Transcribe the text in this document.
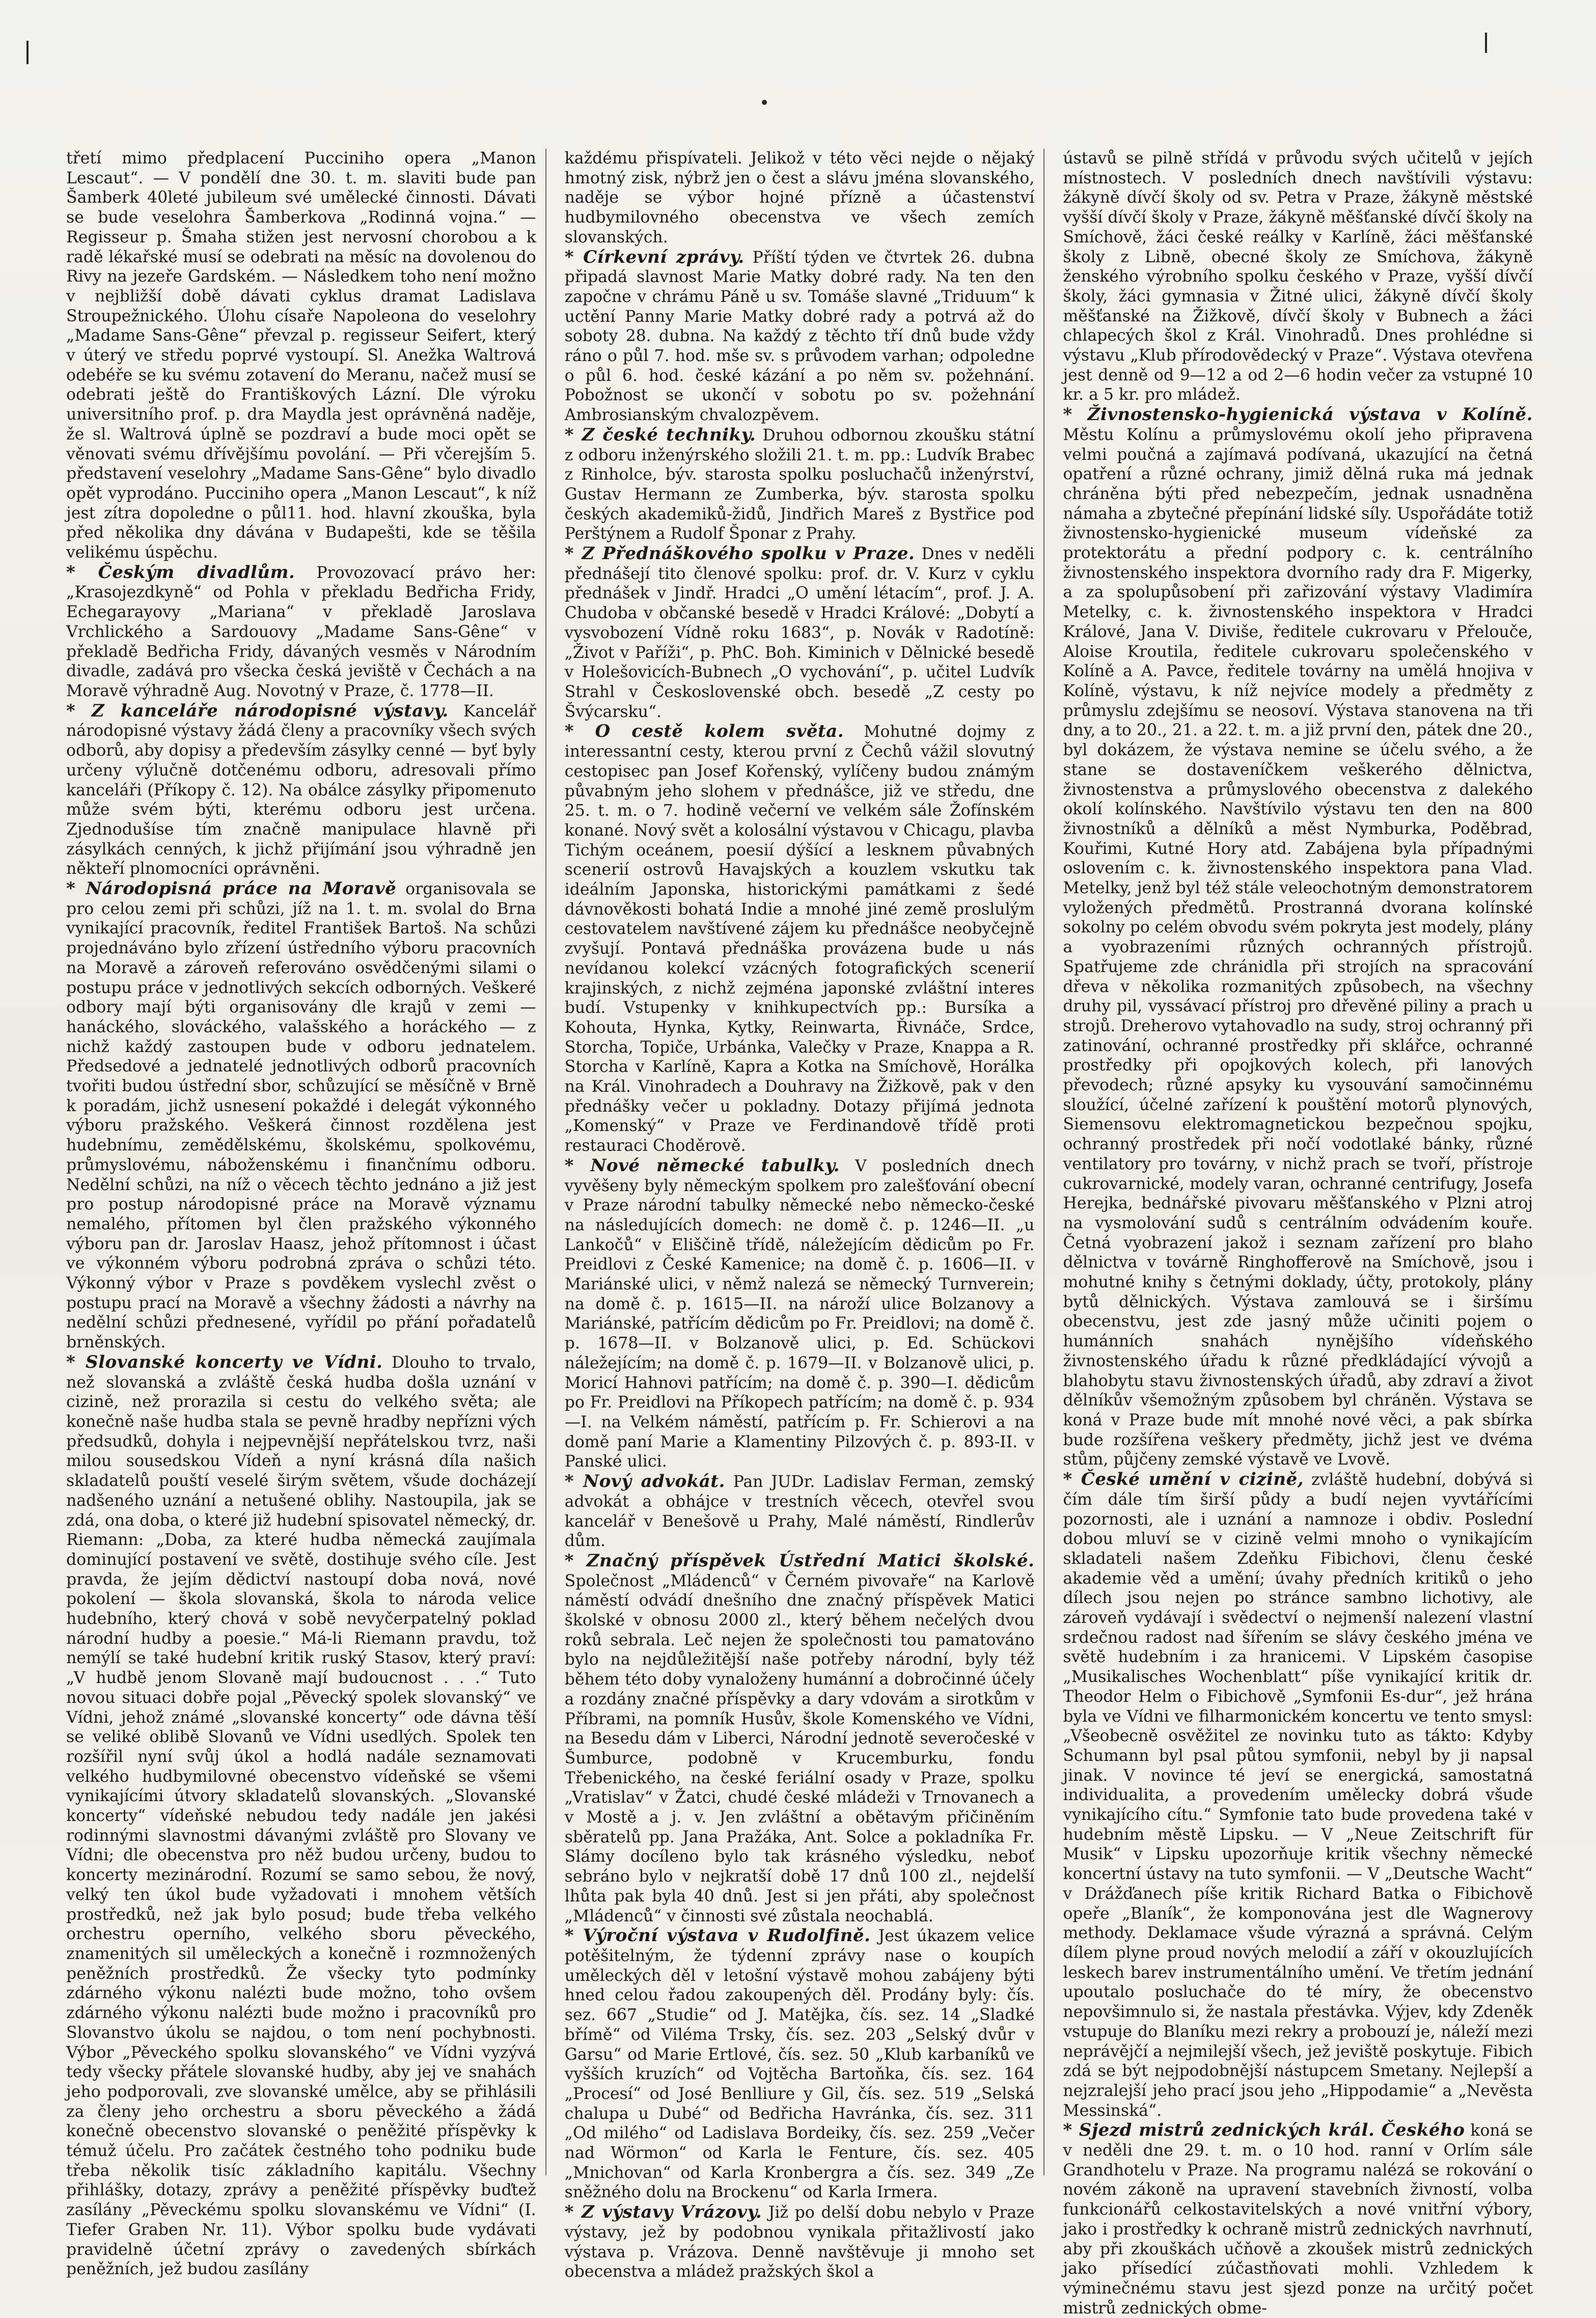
třetí mimo předplacení Pucciniho opera „Manon Lescaut“. — V pondělí dne 30. t. m. slaviti bude pan Šamberk 40leté jubileum své umělecké činnosti. Dávati se bude veselohra Šamberkova „Rodinná vojna.“ — Regisseur p. Šmaha stižen jest nervosní chorobou a k radě lékařské musí se odebrati na měsíc na dovolenou do Rivy na jezeře Gardském. — Následkem toho není možno v nejbližší době dávati cyklus dramat Ladislava Stroupežnického. Úlohu císaře Napoleona do veselohry „Madame Sans-Gêne“ převzal p. regisseur Seifert, který v úterý ve středu poprvé vystoupí. Sl. Anežka Waltrová odebéře se ku svému zotavení do Meranu, načež musí se odebrati ještě do Františkových Lázní. Dle výroku universitního prof. p. dra Maydla jest oprávněná naděje, že sl. Waltrová úplně se pozdraví a bude moci opět se věnovati svému dřívějšímu povolání. — Při včerejším 5. představení veselohry „Madame Sans-Gêne“ bylo divadlo opět vyprodáno. Pucciniho opera „Manon Lescaut“, k níž jest zítra dopoledne o půl11. hod. hlavní zkouška, byla před několika dny dávána v Budapešti, kde se těšila velikému úspěchu.

* Českým divadlům. Provozovací právo her: „Krasojezdkyně“ od Pohla v překladu Bedřicha Fridy, Echegarayovy „Mariana“ v překladě Jaroslava Vrchlického a Sardouovy „Madame Sans-Gêne“ v překladě Bedřicha Fridy, dávaných vesměs v Národním divadle, zadává pro všecka česká jeviště v Čechách a na Moravě výhradně Aug. Novotný v Praze, č. 1778—II.

* Z kanceláře národopisné výstavy. Kancelář národopisné výstavy žádá členy a pracovníky všech svých odborů, aby dopisy a především zásylky cenné — byť byly určeny výlučně dotčenému odboru, adresovali přímo kanceláři (Příkopy č. 12). Na obálce zásylky připomenuto může svém býti, kterému odboru jest určena. Zjednodušíse tím značně manipulace hlavně při zásylkách cenných, k jichž přijímání jsou výhradně jen někteří plnomocníci oprávněni.

* Národopisná práce na Moravě organisovala se pro celou zemi při schůzi, jíž na 1. t. m. svolal do Brna vynikající pracovník, ředitel František Bartoš. Na schůzi projednáváno bylo zřízení ústředního výboru pracovních na Moravě a zároveň referováno osvědčenými silami o postupu práce v jednotlivých sekcích odborných. Veškeré odbory mají býti organisovány dle krajů v zemi — hanáckého, slováckého, valašského a horáckého — z nichž každý zastoupen bude v odboru jednatelem. Předsedové a jednatelé jednotlivých odborů pracovních tvořiti budou ústřední sbor, schůzující se měsíčně v Brně k poradám, jichž usnesení pokaždé i delegát výkonného výboru pražského. Veškerá činnost rozdělena jest hudebnímu, zemědělskému, školskému, spolkovému, průmyslovému, náboženskému i finančnímu odboru. Nedělní schůzi, na níž o věcech těchto jednáno a již jest pro postup národopisné práce na Moravě významu nemalého, přítomen byl člen pražského výkonného výboru pan dr. Jaroslav Haasz, jehož přítomnost i účast ve výkonném výboru podrobná zpráva o schůzi této. Výkonný výbor v Praze s povděkem vyslechl zvěst o postupu prací na Moravě a všechny žádosti a návrhy na nedělní schůzi přednesené, vyřídil po přání pořadatelů brněnských.

* Slovanské koncerty ve Vídni. Dlouho to trvalo, než slovanská a zvláště česká hudba došla uznání v cizině, než prorazila si cestu do velkého světa; ale konečně naše hudba stala se pevně hradby nepřízni vých předsudků, dohyla i nejpevnější nepřátelskou tvrz, naši milou sousedskou Vídeň a nyní krásná díla našich skladatelů pouští veselé širým světem, všude docházejí nadšeného uznání a netušené oblihy. Nastoupila, jak se zdá, ona doba, o které již hudební spisovatel německý, dr. Riemann: „Doba, za které hudba německá zaujímala dominující postavení ve světě, dostihuje svého cíle. Jest pravda, že jejím dědictví nastoupí doba nová, nové pokolení — škola slovanská, škola to národa velice hudebního, který chová v sobě nevyčerpatelný poklad národní hudby a poesie.“ Má-li Riemann pravdu, tož nemýlí se také hudební kritik ruský Stasov, který praví: „V hudbě jenom Slovaně mají budoucnost . . .“ Tuto novou situaci dobře pojal „Pěvecký spolek slovanský“ ve Vídni, jehož známé „slovanské koncerty“ ode dávna těší se veliké oblibě Slovanů ve Vídni usedlých. Spolek ten rozšířil nyní svůj úkol a hodlá nadále seznamovati velkého hudbymilovné obecenstvo vídeňské se všemi vynikajícími útvory skladatelů slovanských. „Slovanské koncerty“ vídeňské nebudou tedy nadále jen jakési rodinnými slavnostmi dávanými zvláště pro Slovany ve Vídni; dle obecenstva pro něž budou určeny, budou to koncerty mezinárodní. Rozumí se samo sebou, že nový, velký ten úkol bude vyžadovati i mnohem větších prostředků, než jak bylo posud; bude třeba velkého orchestru operního, velkého sboru pěveckého, znamenitých sil uměleckých a konečně i rozmnožených peněžních prostředků. Že všecky tyto podmínky zdárného výkonu nalézti bude možno, toho ovšem zdárného výkonu nalézti bude možno i pracovníků pro Slovanstvo úkolu se najdou, o tom není pochybnosti. Výbor „Pěveckého spolku slovanského“ ve Vídni vyzývá tedy všecky přátele slovanské hudby, aby jej ve snahách jeho podporovali, zve slovanské umělce, aby se přihlásili za členy jeho orchestru a sboru pěveckého a žádá konečně obecenstvo slovanské o peněžité příspěvky k témuž účelu. Pro začátek čestného toho podniku bude třeba několik tisíc základního kapitálu. Všechny přihlášky, dotazy, zprávy a peněžité příspěvky buďtež zasílány „Pěveckému spolku slovanskému ve Vídni“ (I. Tiefer Graben Nr. 11). Výbor spolku bude vydávati pravidelně účetní zprávy o zavedených sbírkách peněžních, jež budou zasílány

každému přispívateli. Jelikož v této věci nejde o nějaký hmotný zisk, nýbrž jen o čest a slávu jména slovanského, naděje se výbor hojné přízně a účastenství hudbymilovného obecenstva ve všech zemích slovanských.

* Církevní zprávy. Příští týden ve čtvrtek 26. dubna připadá slavnost Marie Matky dobré rady. Na ten den započne v chrámu Páně u sv. Tomáše slavné „Triduum“ k uctění Panny Marie Matky dobré rady a potrvá až do soboty 28. dubna. Na každý z těchto tří dnů bude vždy ráno o půl 7. hod. mše sv. s průvodem varhan; odpoledne o půl 6. hod. české kázání a po něm sv. požehnání. Pobožnost se ukončí v sobotu po sv. požehnání Ambrosianským chvalozpěvem.

* Z české techniky. Druhou odbornou zkoušku státní z odboru inženýrského složili 21. t. m. pp.: Ludvík Brabec z Rinholce, býv. starosta spolku posluchačů inženýrství, Gustav Hermann ze Zumberka, býv. starosta spolku českých akademiků-židů, Jindřich Mareš z Bystřice pod Perštýnem a Rudolf Šponar z Prahy.

* Z Přednáškového spolku v Praze. Dnes v neděli přednášejí tito členové spolku: prof. dr. V. Kurz v cyklu přednášek v Jindř. Hradci „O umění létacím“, prof. J. A. Chudoba v občanské besedě v Hradci Králové: „Dobytí a vysvobození Vídně roku 1683“, p. Novák v Radotíně: „Život v Paříži“, p. PhC. Boh. Kiminich v Dělnické besedě v Holešovicích-Bubnech „O vychování“, p. učitel Ludvík Strahl v Československé obch. besedě „Z cesty po Švýcarsku“.

* O cestě kolem světa. Mohutné dojmy z interessantní cesty, kterou první z Čechů vážil slovutný cestopisec pan Josef Kořenský, vylíčeny budou známým půvabným jeho slohem v přednášce, již ve středu, dne 25. t. m. o 7. hodině večerní ve velkém sále Žofínském konané. Nový svět a kolosální výstavou v Chicagu, plavba Tichým oceánem, poesií dýšící a lesknem půvabných scenerií ostrovů Havajských a kouzlem vskutku tak ideálním Japonska, historickými památkami z šedé dávnověkosti bohatá Indie a mnohé jiné země proslulým cestovatelem navštívené zájem ku přednášce neobyčejně zvyšují. Pontavá přednáška provázena bude u nás nevídanou kolekcí vzácných fotografických scenerií krajinských, z nichž zejména japonské zvláštní interes budí. Vstupenky v knihkupectvích pp.: Bursíka a Kohouta, Hynka, Kytky, Reinwarta, Řivnáče, Srdce, Storcha, Topiče, Urbánka, Valečky v Praze, Knappa a R. Storcha v Karlíně, Kapra a Kotka na Smíchově, Horálka na Král. Vinohradech a Douhravy na Žižkově, pak v den přednášky večer u pokladny. Dotazy přijímá jednota „Komenský“ v Praze ve Ferdinandově třídě proti restauraci Choděrově.

* Nové německé tabulky. V posledních dnech vyvěšeny byly německým spolkem pro zalešťování obecní v Praze národní tabulky německé nebo německo-české na následujících domech: ne domě č. p. 1246—II. „u Lankočů“ v Eliščině třídě, náležejícím dědicům po Fr. Preidlovi z České Kamenice; na domě č. p. 1606—II. v Mariánské ulici, v němž nalezá se německý Turnverein; na domě č. p. 1615—II. na nároží ulice Bolzanovy a Mariánské, patřícím dědicům po Fr. Preidlovi; na domě č. p. 1678—II. v Bolzanově ulici, p. Ed. Schückovi náležejícím; na domě č. p. 1679—II. v Bolzanově ulici, p. Moricí Hahnovi patřícím; na domě č. p. 390—I. dědicům po Fr. Preidlovi na Příkopech patřícím; na domě č. p. 934—I. na Velkém náměstí, patřícím p. Fr. Schierovi a na domě paní Marie a Klamentiny Pilzových č. p. 893-II. v Panské ulici.

* Nový advokát. Pan JUDr. Ladislav Ferman, zemský advokát a obhájce v trestních věcech, otevřel svou kancelář v Benešově u Prahy, Malé náměstí, Rindlerův dům.

* Značný příspěvek Ústřední Matici školské. Společnost „Mládenců“ v Černém pivovaře“ na Karlově náměstí odvádí dnešního dne značný příspěvek Matici školské v obnosu 2000 zl., který během nečelých dvou roků sebrala. Leč nejen že společnosti tou pamatováno bylo na nejdůležitější naše potřeby národní, byly též během této doby vynaloženy humánní a dobročinné účely a rozdány značné příspěvky a dary vdovám a sirotkům v Příbrami, na pomník Husův, škole Komenského ve Vídni, na Besedu dám v Liberci, Národní jednotě severočeské v Šumburce, podobně v Krucemburku, fondu Třebenického, na české feriální osady v Praze, spolku „Vratislav“ v Žatci, chudé české mládeži v Trnovanech a v Mostě a j. v. Jen zvláštní a obětavým přičiněním sběratelů pp. Jana Pražáka, Ant. Solce a pokladníka Fr. Slámy docíleno bylo tak krásného výsledku, neboť sebráno bylo v nejkratší době 17 dnů 100 zl., nejdelší lhůta pak byla 40 dnů. Jest si jen přáti, aby společnost „Mládenců“ v činnosti své zůstala neochablá.

* Výroční výstava v Rudolfině. Jest úkazem velice potěšitelným, že týdenní zprávy nase o koupích uměleckých děl v letošní výstavě mohou zabájeny býti hned celou řadou zakoupených děl. Prodány byly: čís. sez. 667 „Studie“ od J. Matějka, čís. sez. 14 „Sladké břímě“ od Viléma Trsky, čís. sez. 203 „Selský dvůr v Garsu“ od Marie Ertlové, čís. sez. 50 „Klub karbaníků ve vyšších kruzích“ od Vojtěcha Bartoňka, čís. sez. 164 „Procesí“ od José Benlliure y Gil, čís. sez. 519 „Selská chalupa u Dubé“ od Bedřicha Havránka, čís. sez. 311 „Od milého“ od Ladislava Bordeiky, čís. sez. 259 „Večer nad Wörmon“ od Karla le Fenture, čís. sez. 405 „Mnichovan“ od Karla Kronbergra a čís. sez. 349 „Ze sněžného dolu na Brockenu“ od Karla Irmera.

* Z výstavy Vrázovy. Již po delší dobu nebylo v Praze výstavy, jež by podobnou vynikala přitažlivostí jako výstava p. Vrázova. Denně navštěvuje ji mnoho set obecenstva a mládež pražských škol a

ústavů se pilně střídá v průvodu svých učitelů v jejích místnostech. V posledních dnech navštívili výstavu: žákyně dívčí školy od sv. Petra v Praze, žákyně městské vyšší dívčí školy v Praze, žákyně měšťanské dívčí školy na Smíchově, žáci české reálky v Karlíně, žáci měšťanské školy z Libně, obecné školy ze Smíchova, žákyně ženského výrobního spolku českého v Praze, vyšší dívčí školy, žáci gymnasia v Žitné ulici, žákyně dívčí školy měšťanské na Žižkově, dívčí školy v Bubnech a žáci chlapecých škol z Král. Vinohradů. Dnes prohlédne si výstavu „Klub přírodovědecký v Praze“. Výstava otevřena jest denně od 9—12 a od 2—6 hodin večer za vstupné 10 kr. a 5 kr. pro mládež.

* Živnostensko-hygienická výstava v Kolíně. Městu Kolínu a průmyslovému okolí jeho připravena velmi poučná a zajímavá podívaná, ukazující na četná opatření a různé ochrany, jimiž dělná ruka má jednak chráněna býti před nebezpečím, jednak usnadněna námaha a zbytečné přepínání lidské síly. Uspořádáte totiž živnostensko-hygienické museum vídeňské za protektorátu a přední podpory c. k. centrálního živnostenského inspektora dvorního rady dra F. Migerky, a za spolupůsobení při zařizování výstavy Vladimíra Metelky, c. k. živnostenského inspektora v Hradci Králové, Jana V. Diviše, ředitele cukrovaru v Přelouče, Aloise Kroutila, ředitele cukrovaru společenského v Kolíně a A. Pavce, ředitele továrny na umělá hnojiva v Kolíně, výstavu, k níž nejvíce modely a předměty z průmyslu zdejšímu se neosoví. Výstava stanovena na tři dny, a to 20., 21. a 22. t. m. a již první den, pátek dne 20., byl dokázem, že výstava nemine se účelu svého, a že stane se dostaveníčkem veškerého dělnictva, živnostenstva a průmyslového obecenstva z dalekého okolí kolínského. Navštívilo výstavu ten den na 800 živnostníků a dělníků a měst Nymburka, Poděbrad, Kouřimi, Kutné Hory atd. Zabájena byla případnými oslovením c. k. živnostenského inspektora pana Vlad. Metelky, jenž byl též stále veleochotným demonstratorem vyložených předmětů. Prostranná dvorana kolínské sokolny po celém obvodu svém pokryta jest modely, plány a vyobrazeními různých ochranných přístrojů. Spatřujeme zde chránidla při strojích na spracování dřeva v několika rozmanitých způsobech, na všechny druhy pil, vyssávací přístroj pro dřevěné piliny a prach u strojů. Dreherovo vytahovadlo na sudy, stroj ochranný při zatinování, ochranné prostředky při sklářce, ochranné prostředky při opojkových kolech, při lanových převodech; různé apsyky ku vysouvání samočinnému sloužící, účelné zařízení k pouštění motorů plynových, Siemensovu elektromagnetickou bezpečnou spojku, ochranný prostředek při nočí vodotlaké bánky, různé ventilatory pro továrny, v nichž prach se tvoří, přístroje cukrovarnické, modely varan, ochranné centrifugy, Josefa Herejka, bednářské pivovaru měšťanského v Plzni atroj na vysmolování sudů s centrálním odvádením kouře. Četná vyobrazení jakož i seznam zařízení pro blaho dělnictva v továrně Ringhofferově na Smíchově, jsou i mohutné knihy s četnými doklady, účty, protokoly, plány bytů dělnických. Výstava zamlouvá se i širšímu obecenstvu, jest zde jasný může učiniti pojem o humánních snahách nynějšího vídeňského živnostenského úřadu k různé předkládající vývojů a blahobytu stavu živnostenských úřadů, aby zdraví a život dělníkův všemožným způsobem byl chráněn. Výstava se koná v Praze bude mít mnohé nové věci, a pak sbírka bude rozšířena veškery předměty, jichž jest ve dvéma stům, půjčeny zemské výstavě ve Lvově.

* České umění v cizině, zvláště hudební, dobývá si čím dále tím širší půdy a budí nejen vyvtářícími pozornosti, ale i uznání a namnoze i obdiv. Poslední dobou mluví se v cizině velmi mnoho o vynikajícím skladateli našem Zdeňku Fibichovi, členu české akademie věd a umění; úvahy předních kritiků o jeho dílech jsou nejen po stránce sambno lichotivy, ale zároveň vydávají i svědectví o nejmenší nalezení vlastní srdečnou radost nad šířením se slávy českého jména ve světě hudebním i za hranicemi. V Lipském časopise „Musikalisches Wochenblatt“ píše vynikající kritik dr. Theodor Helm o Fibichově „Symfonii Es-dur“, jež hrána byla ve Vídni ve filharmonickém koncertu ve tento smysl: „Všeobecně osvěžitel ze novinku tuto as tákto: Kdyby Schumann byl psal půtou symfonii, nebyl by ji napsal jinak. V novince té jeví se energická, samostatná individualita, a provedením umělecky dobrá všude vynikajícího cítu.“ Symfonie tato bude provedena také v hudebním městě Lipsku. — V „Neue Zeitschrift für Musik“ v Lipsku upozorňuje kritik všechny německé koncertní ústavy na tuto symfonii. — V „Deutsche Wacht“ v Drážďanech píše kritik Richard Batka o Fibichově opeře „Blaník“, že komponována jest dle Wagnerovy methody. Deklamace všude výrazná a správná. Celým dílem plyne proud nových melodií a září v okouzlujících leskech barev instrumentálního umění. Ve třetím jednání upoutalo posluchače do té míry, že obecenstvo nepovšimnulo si, že nastala přestávka. Výjev, kdy Zdeněk vstupuje do Blaníku mezi rekry a probouzí je, náleží mezi neprávějčí a nejmilejší všech, jež jeviště poskytuje. Fibich zdá se být nejpodobnější nástupcem Smetany. Nejlepší a nejzralejší jeho prací jsou jeho „Hippodamie“ a „Nevěsta Messinská“.

* Sjezd mistrů zednických král. Českého koná se v neděli dne 29. t. m. o 10 hod. ranní v Orlím sále Grandhotelu v Praze. Na programu nalézá se rokování o novém zákoně na upravení stavebních živností, volba funkcionářů celkostavitelských a nové vnitřní výbory, jako i prostředky k ochraně mistrů zednických navrhnutí, aby při zkouškách učňově a zkoušek mistrů zednických jako přísedící zúčastňovati mohli. Vzhledem k výminečnému stavu jest sjezd ponze na určitý počet mistrů zednických obme-
